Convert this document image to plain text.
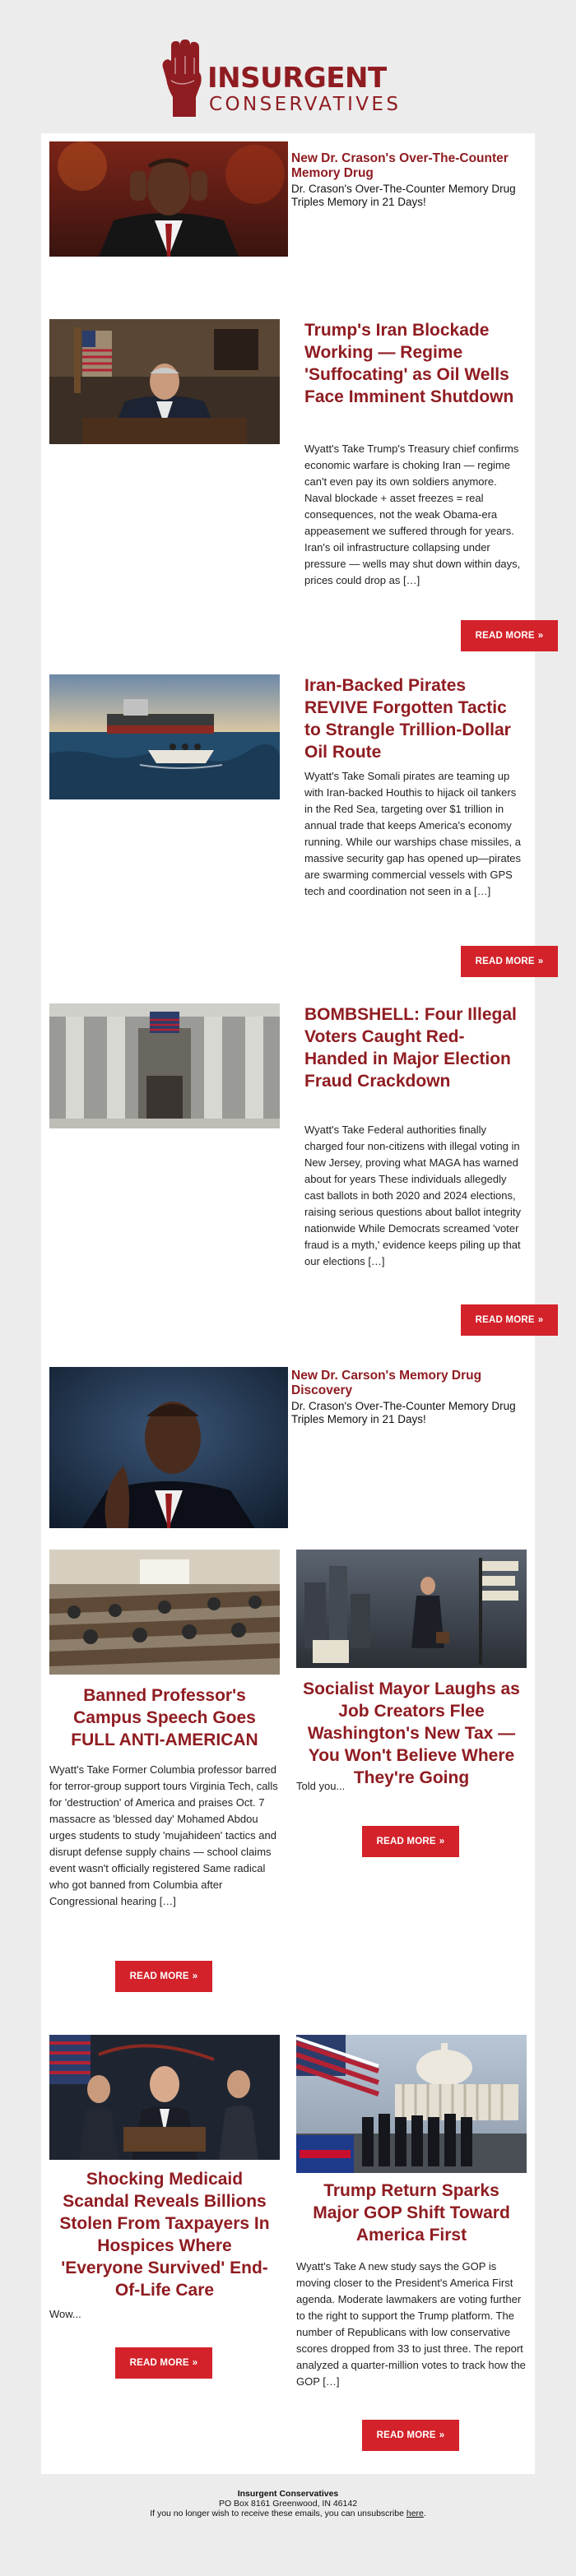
INSURGENT
CONSERVATIVES
New Dr. Crason's Over-The-Counter Memory Drug
Dr. Crason's Over-The-Counter Memory Drug Triples Memory in 21 Days!
Trump's Iran Blockade Working — Regime 'Suffocating' as Oil Wells Face Imminent Shutdown
Wyatt's Take Trump's Treasury chief confirms economic warfare is choking Iran — regime can't even pay its own soldiers anymore. Naval blockade + asset freezes = real consequences, not the weak Obama-era appeasement we suffered through for years. Iran's oil infrastructure collapsing under pressure — wells may shut down within days, prices could drop as […]
READ MORE »
Iran-Backed Pirates REVIVE Forgotten Tactic to Strangle Trillion-Dollar Oil Route
Wyatt's Take Somali pirates are teaming up with Iran-backed Houthis to hijack oil tankers in the Red Sea, targeting over $1 trillion in annual trade that keeps America's economy running. While our warships chase missiles, a massive security gap has opened up—pirates are swarming commercial vessels with GPS tech and coordination not seen in a […]
READ MORE »
BOMBSHELL: Four Illegal Voters Caught Red-Handed in Major Election Fraud Crackdown
Wyatt's Take Federal authorities finally charged four non-citizens with illegal voting in New Jersey, proving what MAGA has warned about for years These individuals allegedly cast ballots in both 2020 and 2024 elections, raising serious questions about ballot integrity nationwide While Democrats screamed 'voter fraud is a myth,' evidence keeps piling up that our elections […]
READ MORE »
New Dr. Carson's Memory Drug Discovery
Dr. Crason's Over-The-Counter Memory Drug Triples Memory in 21 Days!
Banned Professor's Campus Speech Goes FULL ANTI-AMERICAN
Wyatt's Take Former Columbia professor barred for terror-group support tours Virginia Tech, calls for 'destruction' of America and praises Oct. 7 massacre as 'blessed day' Mohamed Abdou urges students to study 'mujahideen' tactics and disrupt defense supply chains — school claims event wasn't officially registered Same radical who got banned from Columbia after Congressional hearing […]
READ MORE »
Socialist Mayor Laughs as Job Creators Flee Washington's New Tax — You Won't Believe Where They're Going
Told you...
READ MORE »
Shocking Medicaid Scandal Reveals Billions Stolen From Taxpayers In Hospices Where 'Everyone Survived' End-Of-Life Care
Wow...
READ MORE »
Trump Return Sparks Major GOP Shift Toward America First
Wyatt's Take A new study says the GOP is moving closer to the President's America First agenda. Moderate lawmakers are voting further to the right to support the Trump platform. The number of Republicans with low conservative scores dropped from 33 to just three. The report analyzed a quarter-million votes to track how the GOP […]
READ MORE »
Insurgent Conservatives
PO Box 8161 Greenwood, IN 46142
If you no longer wish to receive these emails, you can unsubscribe here.
